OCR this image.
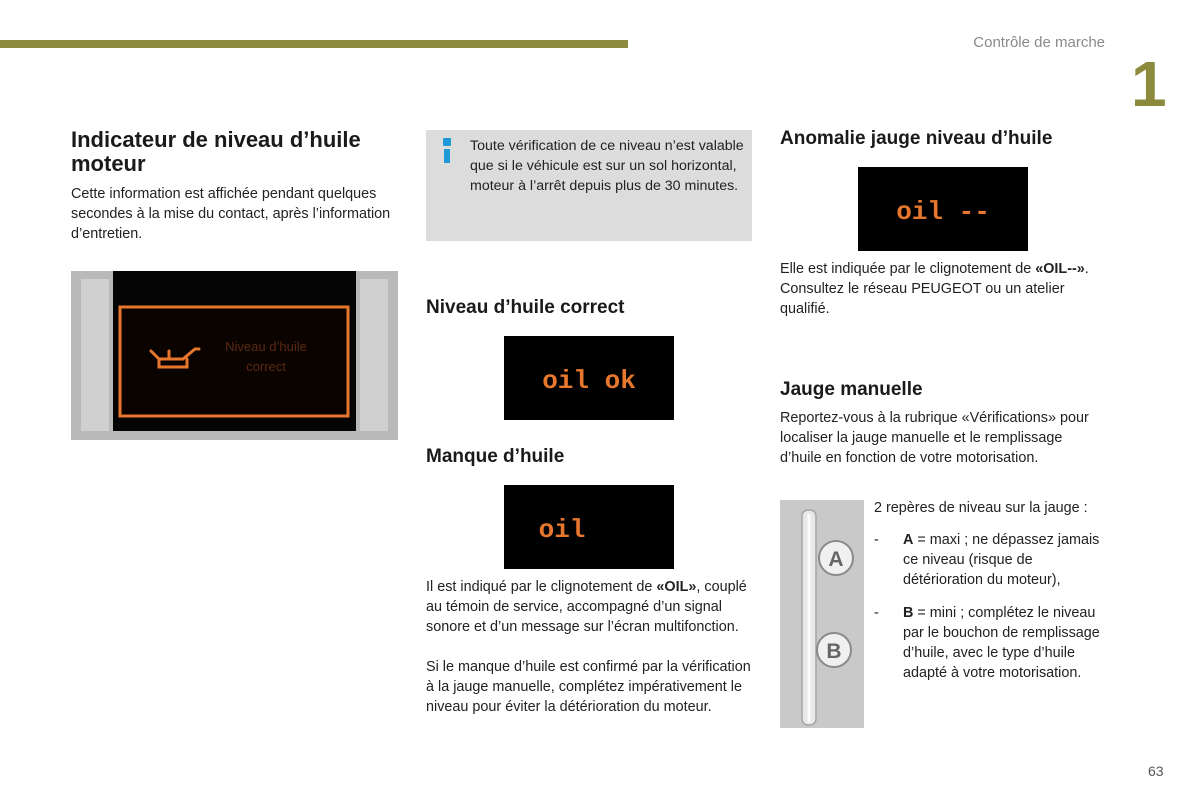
Contrôle de marche
1
Indicateur de niveau d’huile moteur

Cette information est affichée pendant quelques secondes à la mise du contact, après l’information d’entretien.

Niveau d’huile
correct

Toute vérification de ce niveau n’est valable que si le véhicule est sur un sol horizontal, moteur à l’arrêt depuis plus de 30 minutes.

Niveau d’huile correct
oil ok
Manque d’huile
oil

Il est indiqué par le clignotement de «OIL», couplé au témoin de service, accompagné d’un signal sonore et d’un message sur l’écran multifonction.

Si le manque d’huile est confirmé par la vérification à la jauge manuelle, complétez impérativement le niveau pour éviter la détérioration du moteur.

Anomalie jauge niveau d’huile
oil --

Elle est indiquée par le clignotement de «OIL--». Consultez le réseau PEUGEOT ou un atelier qualifié.

Jauge manuelle

Reportez-vous à la rubrique «Vérifications» pour localiser la jauge manuelle et le remplissage d’huile en fonction de votre motorisation.

A
B

2 repères de niveau sur la jauge :

- A = maxi ; ne dépassez jamais ce niveau (risque de détérioration du moteur),
- B = mini ; complétez le niveau par le bouchon de remplissage d’huile, avec le type d’huile adapté à votre motorisation.
63
